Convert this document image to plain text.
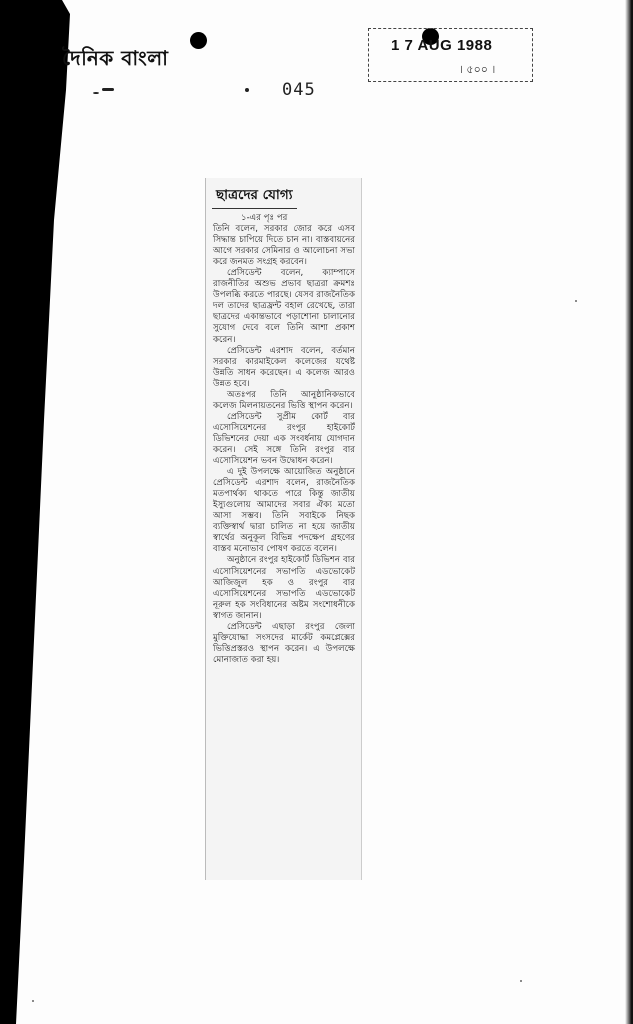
দৈনিক বাংলা
045
1 7 AUG 1988
। ৫০০ ।
ছাত্রদের যোগ্য
১-এর পৃঃ পর
তিনি বলেন, সরকার জোর করে এসব সিদ্ধান্ত চাপিয়ে দিতে চান না। বাস্তবায়নের আগে সরকার সেমিনার ও আলোচনা সভা করে জনমত সংগ্রহ করবেন।
প্রেসিডেন্ট বলেন, ক্যাম্পাসে রাজনীতির অশুভ প্রভাব ছাত্ররা ক্রমশঃ উপলব্ধি করতে পারছে। যেসব রাজনৈতিক দল তাদের ছাত্রফ্রন্ট বহাল রেখেছে, তারা ছাত্রদের একান্তভাবে পড়াশোনা চালানোর সুযোগ দেবে বলে তিনি আশা প্রকাশ করেন।
প্রেসিডেন্ট এরশাদ বলেন, বর্তমান সরকার কারমাইকেল কলেজের যথেষ্ট উন্নতি সাধন করেছেন। এ কলেজ আরও উন্নত হবে।
অতঃপর তিনি আনুষ্ঠানিকভাবে কলেজ মিলনায়তনের ভিত্তি স্থাপন করেন।
প্রেসিডেন্ট সুপ্রীম কোর্ট বার এসোসিয়েশনের রংপুর হাইকোর্ট ডিভিশনের দেয়া এক সংবর্ধনায় যোগদান করেন। সেই সঙ্গে তিনি রংপুর বার এসোসিয়েশন ভবন উদ্বোধন করেন।
এ দুই উপলক্ষে আয়োজিত অনুষ্ঠানে প্রেসিডেন্ট এরশাদ বলেন, রাজনৈতিক মতপার্থক্য থাকতে পারে কিন্তু জাতীয় ইস্যুগুলোয় আমাদের সবার ঐক্য মতো আসা সম্ভব। তিনি সবাইকে নিছক ব্যক্তিস্বার্থ দ্বারা চালিত না হয়ে জাতীয় স্বার্থের অনুকূল বিভিন্ন পদক্ষেপ গ্রহণের বাস্তব মনোভাব পোষণ করতে বলেন।
অনুষ্ঠানে রংপুর হাইকোর্ট ডিভিশন বার এসোসিয়েশনের সভাপতি এডভোকেট আজিজুল হক ও রংপুর বার এসোসিয়েশনের সভাপতি এডভোকেট নূরুল হক সংবিধানের অষ্টম সংশোধনীকে স্বাগত জানান।
প্রেসিডেন্ট এছাড়া রংপুর জেলা মুক্তিযোদ্ধা সংসদের মার্কেট কমপ্লেক্সের ভিত্তিপ্রস্তরও স্থাপন করেন। এ উপলক্ষে মোনাজাত করা হয়।
